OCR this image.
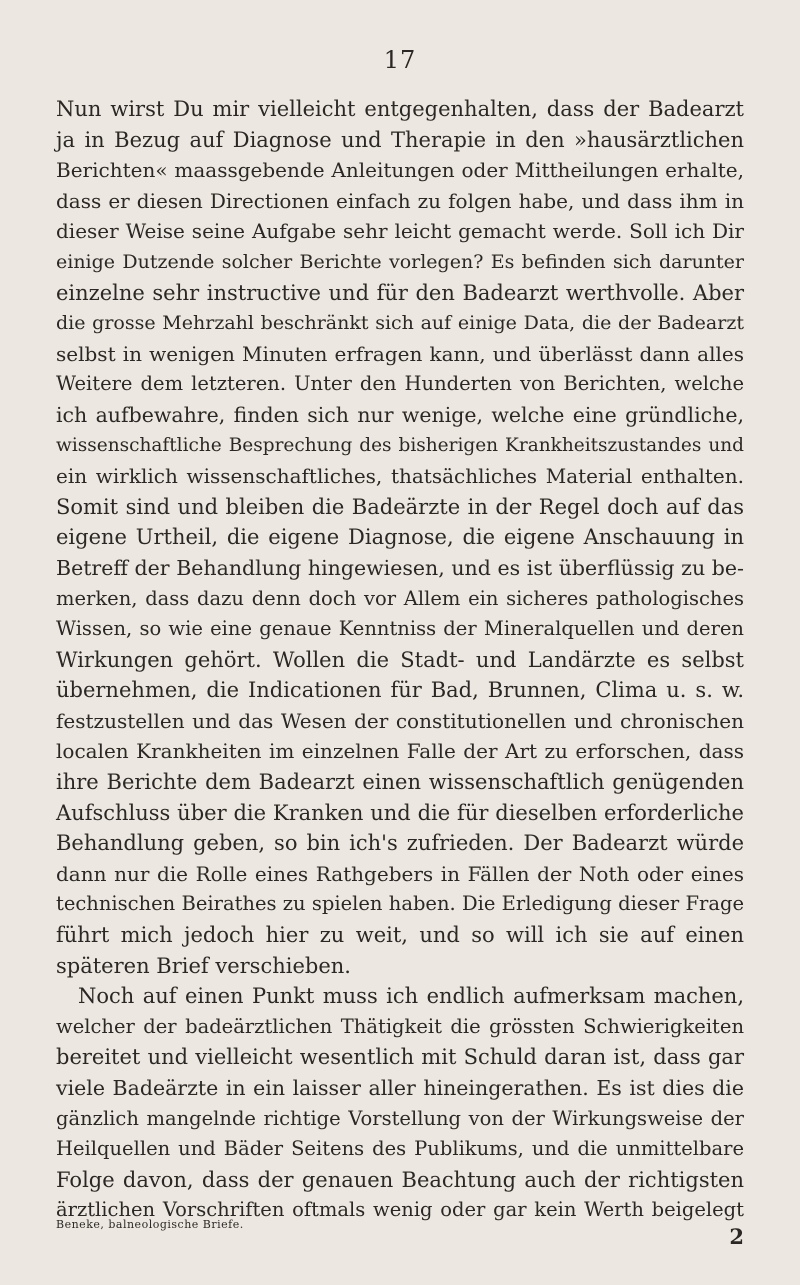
17
Nun wirst Du mir vielleicht entgegenhalten, dass der Badearzt
ja in Bezug auf Diagnose und Therapie in den »hausärztlichen
Berichten« maassgebende Anleitungen oder Mittheilungen erhalte,
dass er diesen Directionen einfach zu folgen habe, und dass ihm in
dieser Weise seine Aufgabe sehr leicht gemacht werde. Soll ich Dir
einige Dutzende solcher Berichte vorlegen? Es befinden sich darunter
einzelne sehr instructive und für den Badearzt werthvolle. Aber
die grosse Mehrzahl beschränkt sich auf einige Data, die der Badearzt
selbst in wenigen Minuten erfragen kann, und überlässt dann alles
Weitere dem letzteren. Unter den Hunderten von Berichten, welche
ich aufbewahre, finden sich nur wenige, welche eine gründliche,
wissenschaftliche Besprechung des bisherigen Krankheitszustandes und
ein wirklich wissenschaftliches, thatsächliches Material enthalten.
Somit sind und bleiben die Badeärzte in der Regel doch auf das
eigene Urtheil, die eigene Diagnose, die eigene Anschauung in
Betreff der Behandlung hingewiesen, und es ist überflüssig zu be-
merken, dass dazu denn doch vor Allem ein sicheres pathologisches
Wissen, so wie eine genaue Kenntniss der Mineralquellen und deren
Wirkungen gehört. Wollen die Stadt- und Landärzte es selbst
übernehmen, die Indicationen für Bad, Brunnen, Clima u. s. w.
festzustellen und das Wesen der constitutionellen und chronischen
localen Krankheiten im einzelnen Falle der Art zu erforschen, dass
ihre Berichte dem Badearzt einen wissenschaftlich genügenden
Aufschluss über die Kranken und die für dieselben erforderliche
Behandlung geben, so bin ich's zufrieden. Der Badearzt würde
dann nur die Rolle eines Rathgebers in Fällen der Noth oder eines
technischen Beirathes zu spielen haben. Die Erledigung dieser Frage
führt mich jedoch hier zu weit, und so will ich sie auf einen
späteren Brief verschieben.
Noch auf einen Punkt muss ich endlich aufmerksam machen,
welcher der badeärztlichen Thätigkeit die grössten Schwierigkeiten
bereitet und vielleicht wesentlich mit Schuld daran ist, dass gar
viele Badeärzte in ein laisser aller hineingerathen. Es ist dies die
gänzlich mangelnde richtige Vorstellung von der Wirkungsweise der
Heilquellen und Bäder Seitens des Publikums, und die unmittelbare
Folge davon, dass der genauen Beachtung auch der richtigsten
ärztlichen Vorschriften oftmals wenig oder gar kein Werth beigelegt
Beneke, balneologische Briefe.	2
